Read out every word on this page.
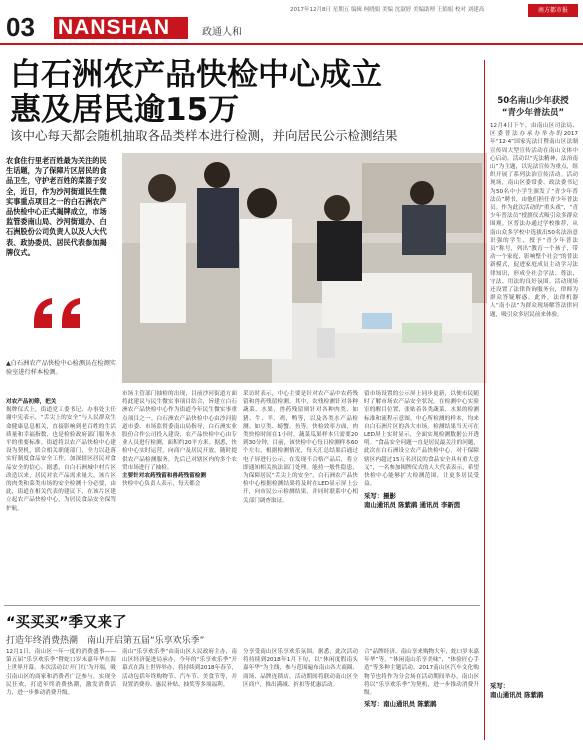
03 NANSHAN	政通人和
2017年12月8日 星期五 编辑 柯晓娟 美编 沈淑婷 美编助理 王娟娟 校对 刘建高	南方都市报
白石洲农产品快检中心成立
惠及居民逾15万
该中心每天都会随机抽取各品类样本进行检测，并向居民公示检测结果
农食住行里老百姓最为关注的民生话题，为了保障片区居民的食品卫生，守护老百姓的菜篮子安全，近日，作为沙河街道民生微实事重点项目之一的白石洲农产品快检中心正式揭牌成立，市场监管委南山局、沙河街道办、白石洲股份公司负责人以及人大代表、政协委员、居民代表参加揭牌仪式。
▲白石洲农产品快检中心检测员在检测实验室进行样本检测。
对农产品初筛，把关
揭牌仪式上，街道党工委书记、办事处主任谢中宪表示，“舌尖上的安全”与人民群众生命健康息息相关，直接影响到老百姓的生活质量和幸福指数，也是检验政府部门服务水平的重要标准。街道将以农产品快检中心建设为契机，联合相关职能部门，全力以赴落实好制度食品安全工作，加深辖区居民对食品安全的信心。据悉，自白石洲城中村片区改造以来，居民对农产品需求量大，该片区的肉类和菜类市场的安全检测十分必要，由此，街道在相关代表的建议下，在该片区建立起农产品快检中心，为居民食品安全保驾护航。
市场主管部门抽检的出现，目前沙河街道方面将此建议与民生微实事项目结合，旨建立白石洲农产品快检中心作为街道今年民生微实事重点项目之一。白石洲农产品快检中心由沙河街道市委、市场监督委南山局指导，白石洲实业股份合作公司投入建设，农产品快检中心由专业人员进行检测，面积约20平方米。据悉，快检中心实时运营，向商户及居民开放，随时提供农产品检测服务，先后已对辖区内的多个农贸市场进行了抽检。
主要针对农药残留和兽药残留检测
快检中心负责人表示，每天都会
采访时表示，中心主要是针对农产品中农药残留和兽药残留检测。其中，农残检测针对各种蔬菜、水果，兽药残留则针对各种肉类、如猪、牛、羊、鸡、鸭等，以及各类水产品检测。如豆类、螃蟹、鱼等。快检效率方面，肉类快检时间在1小时，蔬菜瓜果样本只需要20到30分钟，目前，该快检中心每日检测样本60个左右，根据检测情况，每天汇总结果后通过电子屏进行公示，在发现不合格产品后，将立即通知相关执法部门处理。能持一般性隐患，为保障居民“舌尖上的安全”，白石洲农产品快检中心根据检测结果将及时在LED显示屏上公开，向市民公示检测结果，并同时联系中心相关部门调查取证。
留市场设置的公示屏上同步更新，以便市民随时了解市场农产品安全状况。在检测中心实验室的醒目位置，张贴着各类蔬菜、水果的检测标准和流程示意图，中心所检测的样本，均来自白石洲片区的各大市场。检测结果当天可在LED屏上实时显示，全面实现检测数据公开透明。“食品安全问题一直是居民最关注的问题，此次在白石洲设立农产品快检中心，对于保障辖区内超过15万名居民的食品安全具有重大意义”，一名参加揭牌仪式的人大代表表示，希望快检中心能够扩大检测范围，让更多居民受益。
采写：摄影
南山通讯员 陈紫鹃 通讯员 李新茵
50名南山少年获授
“青少年普法员”
12月4日下午，由南山区司法局、区委普法办承办举办的2017年“12·4”国家宪法日暨南山区法制宣传周大型宣传活动在南山文体中心启动。活动以“宪法精神，法治南山”为主题，以宪法宣传为重点，组织开展了系列法治宣传活动。活动现场，南山区委常委、政法委书记为50名中小学生颁发了“青少年普法员”聘书，由他们担任青少年普法员。作为此次活动的“重头戏”，“青少年普法员”授旗仪式吸引众多群众围观。区普法办通过学校推荐，从南山众多学校中选拔出50名法治意识强的学生，授予“青少年普法员”称号，列出“教育一个孩子，带动一个家庭，影响整个社会”的普法新模式，促进家庭成员主动学习法律知识，形成全社会学法、尊法、守法、用法的良好氛围。活动现场还设置了法律咨询服务台，律师为群众答疑解惑。此外，法律机器人“南小法”为群众现场解答法律问题，吸引众多居民前来体验。
采写：
南山通讯员 陈紫鹃
“买买买”季又来了
打造年终消费热潮　南山开启第五届“乐享欢乐季”
12月1日，南山区一年一度的消费盛事——第五届“乐享欢乐季”暨蛇口岁末嘉年华在海上世界开幕。本次活动以‘开门红’为开端，吸引南山区的商家和消费者广泛参与，实现全民狂欢，打造年终消费热潮，激发消费活力，进一步推动消费升级。
南山“乐享欢乐季”由南山区人民政府主办，南山区经济促进局承办，今年的“乐享欢乐季”开幕式在海上世界举办，将持续到2018年春节，活动包括年终购物节、汽车节、美食节等，并设置消费券、惠民补贴、抽奖等多项福利。
分享受南山区乐享欢乐氛围。据悉，此次活动将持续到2018年1月下旬，以“休闲度假南头嘉年华”为主线，参与范围遍布南山各大商圈、商场、品牌连锁店，活动期间将联动南山区全区商户，推出满减、折扣等优惠活动。
合“品牌经济、南山享来购物大年，蛇口岁末嘉年华”等，“休闲南山乐享美味”，“体验匠心手造”等多种主题活动。2017南山区汽车文化购物节也将作为分会场在活动期间举办，南山区将以“乐享欢乐季”为契机，进一步推动消费升级。
采写：南山通讯员 陈紫鹃
